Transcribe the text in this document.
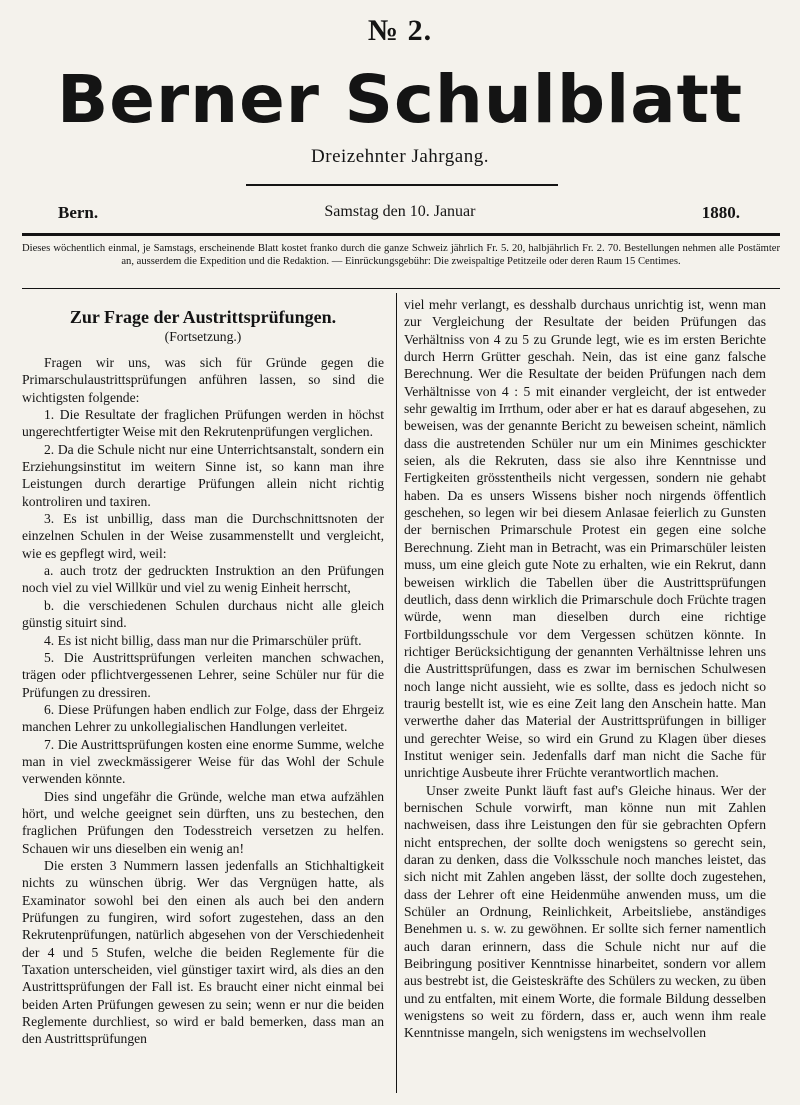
№ 2.
Berner Schulblatt
Dreizehnter Jahrgang.
Bern.	Samstag den 10. Januar	1880.
Dieses wöchentlich einmal, je Samstags, erscheinende Blatt kostet franko durch die ganze Schweiz jährlich Fr. 5. 20, halbjährlich Fr. 2. 70. Bestellungen nehmen alle Postämter an, ausserdem die Expedition und die Redaktion. — Einrückungsgebühr: Die zweispaltige Petitzeile oder deren Raum 15 Centimes.
Zur Frage der Austrittsprüfungen.
(Fortsetzung.)

Fragen wir uns, was sich für Gründe gegen die Primarschulaustrittsprüfungen anführen lassen, so sind die wichtigsten folgende:

1. Die Resultate der fraglichen Prüfungen werden in höchst ungerechtfertigter Weise mit den Rekrutenprüfungen verglichen.

2. Da die Schule nicht nur eine Unterrichtsanstalt, sondern ein Erziehungsinstitut im weitern Sinne ist, so kann man ihre Leistungen durch derartige Prüfungen allein nicht richtig kontroliren und taxiren.

3. Es ist unbillig, dass man die Durchschnittsnoten der einzelnen Schulen in der Weise zusammenstellt und vergleicht, wie es gepflegt wird, weil:

a. auch trotz der gedruckten Instruktion an den Prüfungen noch viel zu viel Willkür und viel zu wenig Einheit herrscht,

b. die verschiedenen Schulen durchaus nicht alle gleich günstig situirt sind.

4. Es ist nicht billig, dass man nur die Primarschüler prüft.

5. Die Austrittsprüfungen verleiten manchen schwachen, trägen oder pflichtvergessenen Lehrer, seine Schüler nur für die Prüfungen zu dressiren.

6. Diese Prüfungen haben endlich zur Folge, dass der Ehrgeiz manchen Lehrer zu unkollegialischen Handlungen verleitet.

7. Die Austrittsprüfungen kosten eine enorme Summe, welche man in viel zweckmässigerer Weise für das Wohl der Schule verwenden könnte.

Dies sind ungefähr die Gründe, welche man etwa aufzählen hört, und welche geeignet sein dürften, uns zu bestechen, den fraglichen Prüfungen den Todesstreich versetzen zu helfen. Schauen wir uns dieselben ein wenig an!

Die ersten 3 Nummern lassen jedenfalls an Stichhaltigkeit nichts zu wünschen übrig. Wer das Vergnügen hatte, als Examinator sowohl bei den einen als auch bei den andern Prüfungen zu fungiren, wird sofort zugestehen, dass an den Rekrutenprüfungen, natürlich abgesehen von der Verschiedenheit der 4 und 5 Stufen, welche die beiden Reglemente für die Taxation unterscheiden, viel günstiger taxirt wird, als dies an den Austrittsprüfungen der Fall ist. Es braucht einer nicht einmal bei beiden Arten Prüfungen gewesen zu sein; wenn er nur die beiden Reglemente durchliest, so wird er bald bemerken, dass man an den Austrittsprüfungen

viel mehr verlangt, es desshalb durchaus unrichtig ist, wenn man zur Vergleichung der Resultate der beiden Prüfungen das Verhältniss von 4 zu 5 zu Grunde legt, wie es im ersten Berichte durch Herrn Grütter geschah. Nein, das ist eine ganz falsche Berechnung. Wer die Resultate der beiden Prüfungen nach dem Verhältnisse von 4 : 5 mit einander vergleicht, der ist entweder sehr gewaltig im Irrthum, oder aber er hat es darauf abgesehen, zu beweisen, was der genannte Bericht zu beweisen scheint, nämlich dass die austretenden Schüler nur um ein Minimes geschickter seien, als die Rekruten, dass sie also ihre Kenntnisse und Fertigkeiten grösstentheils nicht vergessen, sondern nie gehabt haben. Da es unsers Wissens bisher noch nirgends öffentlich geschehen, so legen wir bei diesem Anlasae feierlich zu Gunsten der bernischen Primarschule Protest ein gegen eine solche Berechnung. Zieht man in Betracht, was ein Primarschüler leisten muss, um eine gleich gute Note zu erhalten, wie ein Rekrut, dann beweisen wirklich die Tabellen über die Austrittsprüfungen deutlich, dass denn wirklich die Primarschule doch Früchte tragen würde, wenn man dieselben durch eine richtige Fortbildungsschule vor dem Vergessen schützen könnte. In richtiger Berücksichtigung der genannten Verhältnisse lehren uns die Austrittsprüfungen, dass es zwar im bernischen Schulwesen noch lange nicht aussieht, wie es sollte, dass es jedoch nicht so traurig bestellt ist, wie es eine Zeit lang den Anschein hatte. Man verwerthe daher das Material der Austrittsprüfungen in billiger und gerechter Weise, so wird ein Grund zu Klagen über dieses Institut weniger sein. Jedenfalls darf man nicht die Sache für unrichtige Ausbeute ihrer Früchte verantwortlich machen.

Unser zweite Punkt läuft fast auf's Gleiche hinaus. Wer der bernischen Schule vorwirft, man könne nun mit Zahlen nachweisen, dass ihre Leistungen den für sie gebrachten Opfern nicht entsprechen, der sollte doch wenigstens so gerecht sein, daran zu denken, dass die Volksschule noch manches leistet, das sich nicht mit Zahlen angeben lässt, der sollte doch zugestehen, dass der Lehrer oft eine Heidenmühe anwenden muss, um die Schüler an Ordnung, Reinlichkeit, Arbeitsliebe, anständiges Benehmen u. s. w. zu gewöhnen. Er sollte sich ferner namentlich auch daran erinnern, dass die Schule nicht nur auf die Beibringung positiver Kenntnisse hinarbeitet, sondern vor allem aus bestrebt ist, die Geisteskräfte des Schülers zu wecken, zu üben und zu entfalten, mit einem Worte, die formale Bildung desselben wenigstens so weit zu fördern, dass er, auch wenn ihm reale Kenntnisse mangeln, sich wenigstens im wechselvollen
